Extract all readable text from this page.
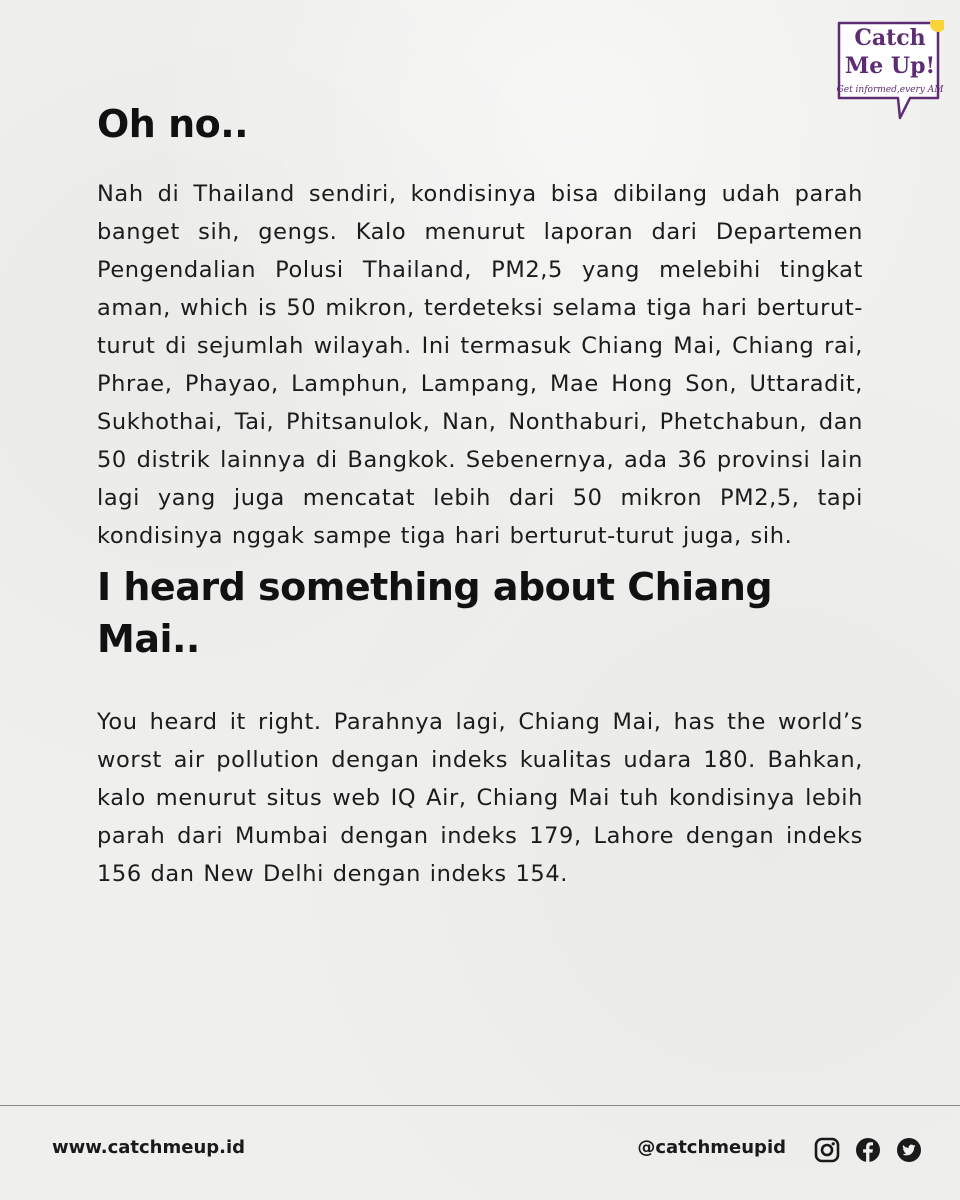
Catch
Me Up!
Get informed,every AM
Oh no..

Nah di Thailand sendiri, kondisinya bisa dibilang udah parah banget sih, gengs. Kalo menurut laporan dari Departemen Pengendalian Polusi Thailand, PM2,5 yang melebihi tingkat aman, which is 50 mikron, terdeteksi selama tiga hari berturut-turut di sejumlah wilayah. Ini termasuk Chiang Mai, Chiang rai, Phrae, Phayao, Lamphun, Lampang, Mae Hong Son, Uttaradit, Sukhothai, Tai, Phitsanulok, Nan, Nonthaburi, Phetchabun, dan 50 distrik lainnya di Bangkok. Sebenernya, ada 36 provinsi lain lagi yang juga mencatat lebih dari 50 mikron PM2,5, tapi kondisinya nggak sampe tiga hari berturut-turut juga, sih.

I heard something about Chiang Mai..

You heard it right. Parahnya lagi, Chiang Mai, has the world’s worst air pollution dengan indeks kualitas udara 180. Bahkan, kalo menurut situs web IQ Air, Chiang Mai tuh kondisinya lebih parah dari Mumbai dengan indeks 179, Lahore dengan indeks 156 dan New Delhi dengan indeks 154.

www.catchmeup.id	@catchmeupid
